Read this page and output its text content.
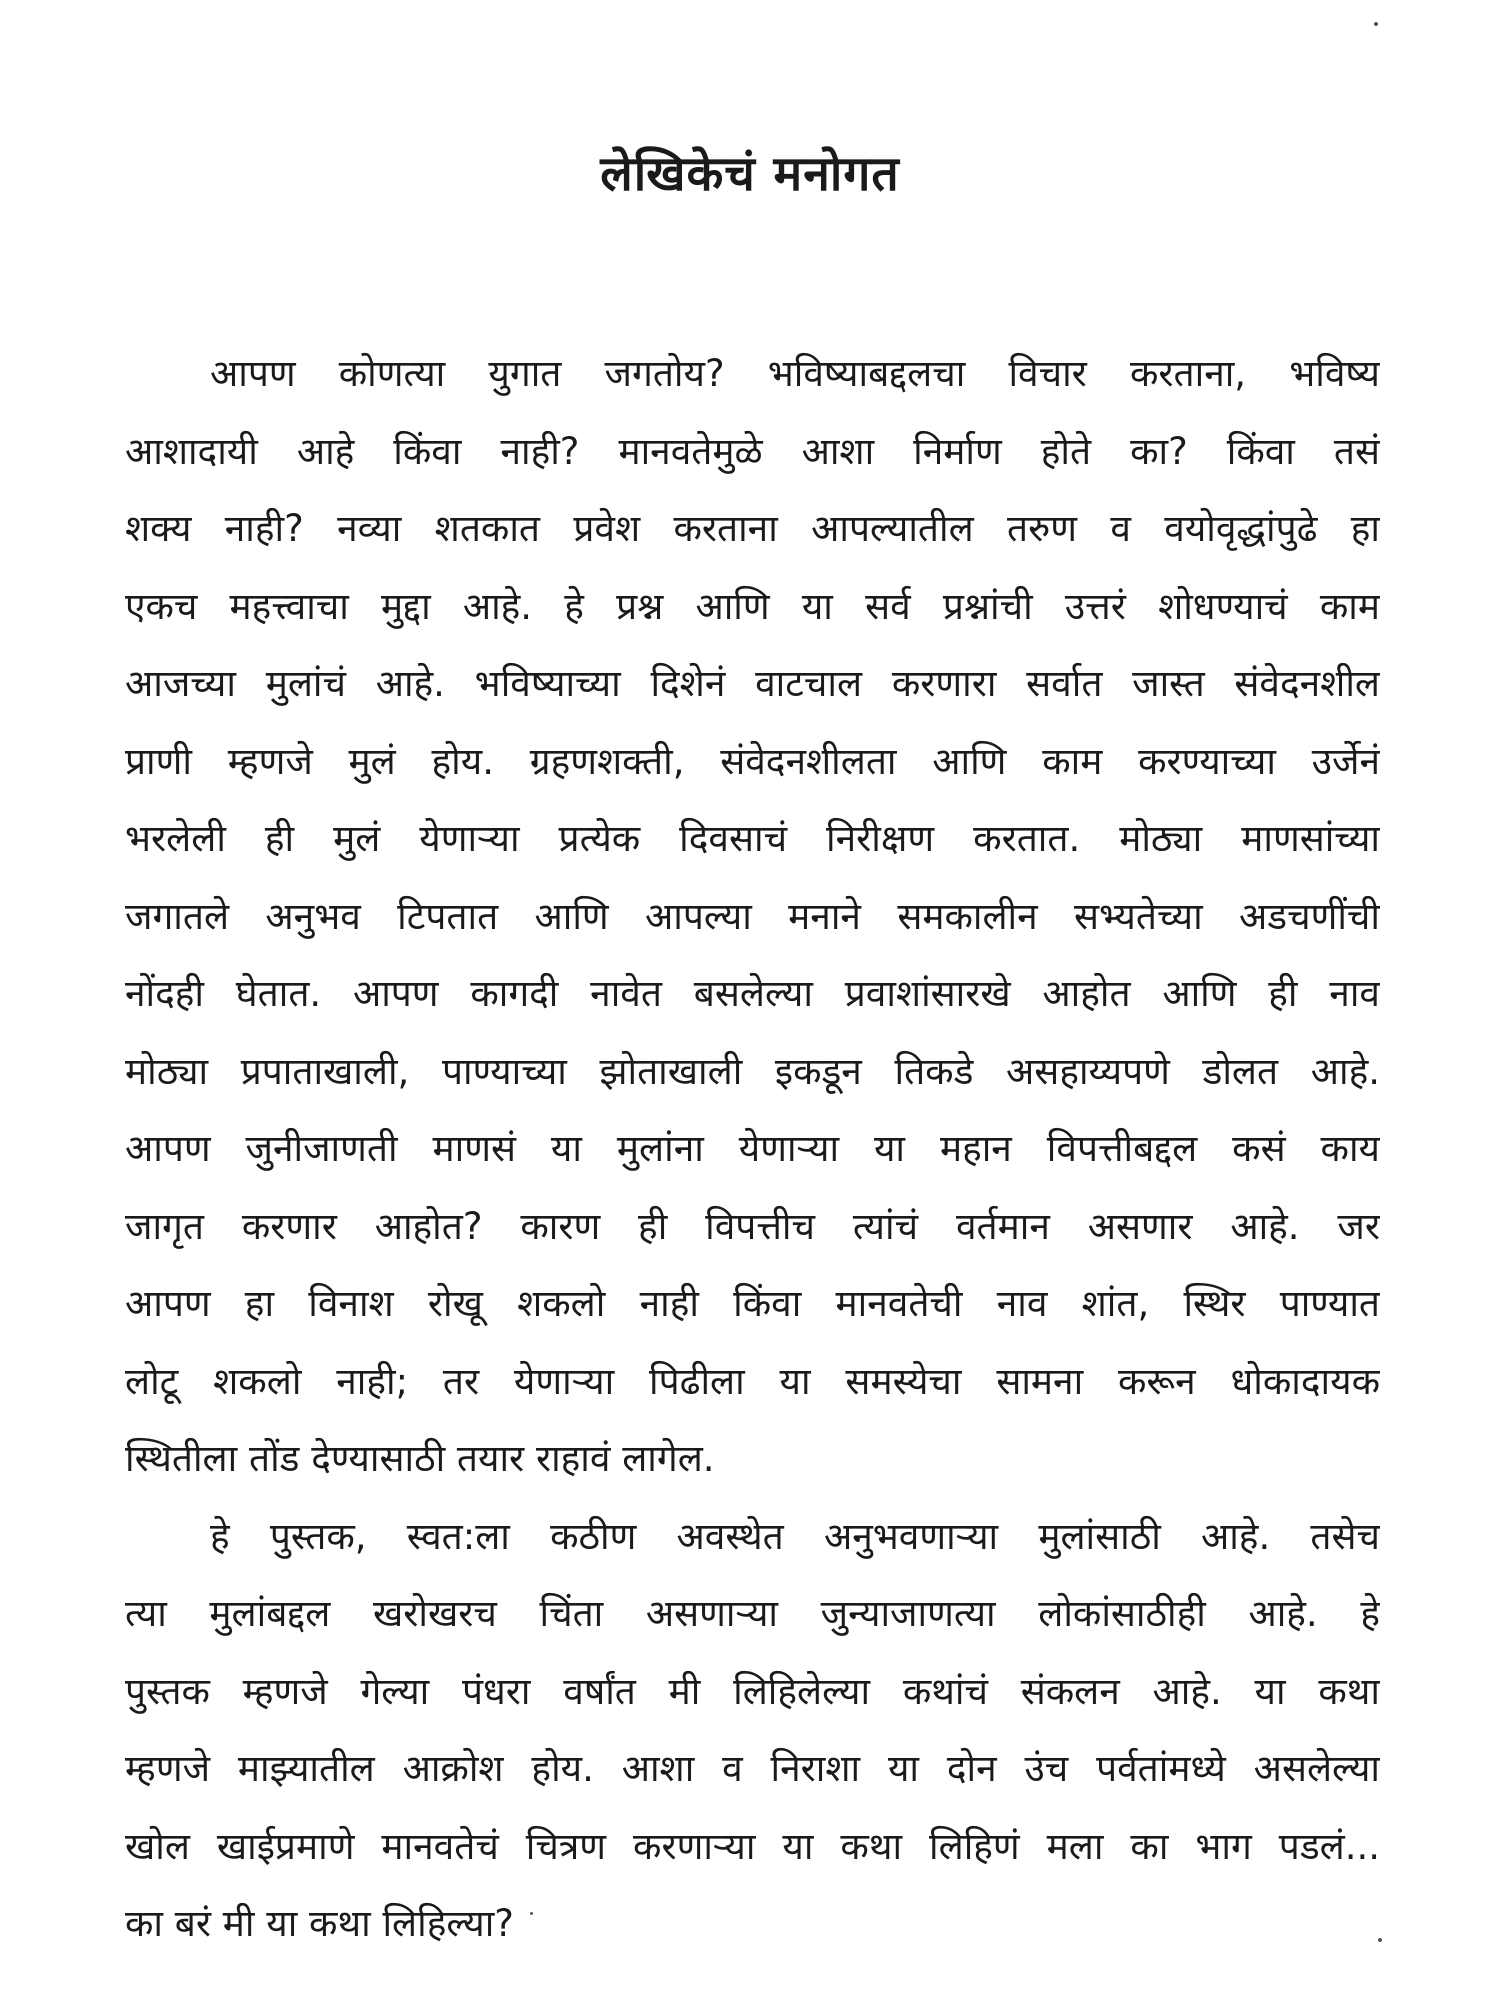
लेखिकेचं मनोगत
आपण कोणत्या युगात जगतोय? भविष्याबद्दलचा विचार करताना, भविष्य
आशादायी आहे किंवा नाही? मानवतेमुळे आशा निर्माण होते का? किंवा तसं
शक्य नाही? नव्या शतकात प्रवेश करताना आपल्यातील तरुण व वयोवृद्धांपुढे हा
एकच महत्त्वाचा मुद्दा आहे. हे प्रश्न आणि या सर्व प्रश्नांची उत्तरं शोधण्याचं काम
आजच्या मुलांचं आहे. भविष्याच्या दिशेनं वाटचाल करणारा सर्वात जास्त संवेदनशील
प्राणी म्हणजे मुलं होय. ग्रहणशक्ती, संवेदनशीलता आणि काम करण्याच्या उर्जेनं
भरलेली ही मुलं येणाऱ्या प्रत्येक दिवसाचं निरीक्षण करतात. मोठ्या माणसांच्या
जगातले अनुभव टिपतात आणि आपल्या मनाने समकालीन सभ्यतेच्या अडचणींची
नोंदही घेतात. आपण कागदी नावेत बसलेल्या प्रवाशांसारखे आहोत आणि ही नाव
मोठ्या प्रपाताखाली, पाण्याच्या झोताखाली इकडून तिकडे असहाय्यपणे डोलत आहे.
आपण जुनीजाणती माणसं या मुलांना येणाऱ्या या महान विपत्तीबद्दल कसं काय
जागृत करणार आहोत? कारण ही विपत्तीच त्यांचं वर्तमान असणार आहे. जर
आपण हा विनाश रोखू शकलो नाही किंवा मानवतेची नाव शांत, स्थिर पाण्यात
लोटू शकलो नाही; तर येणाऱ्या पिढीला या समस्येचा सामना करून धोकादायक
स्थितीला तोंड देण्यासाठी तयार राहावं लागेल.
हे पुस्तक, स्वत:ला कठीण अवस्थेत अनुभवणाऱ्या मुलांसाठी आहे. तसेच
त्या मुलांबद्दल खरोखरच चिंता असणाऱ्या जुन्याजाणत्या लोकांसाठीही आहे. हे
पुस्तक म्हणजे गेल्या पंधरा वर्षांत मी लिहिलेल्या कथांचं संकलन आहे. या कथा
म्हणजे माझ्यातील आक्रोश होय. आशा व निराशा या दोन उंच पर्वतांमध्ये असलेल्या
खोल खाईप्रमाणे मानवतेचं चित्रण करणाऱ्या या कथा लिहिणं मला का भाग पडलं...
का बरं मी या कथा लिहिल्या?
